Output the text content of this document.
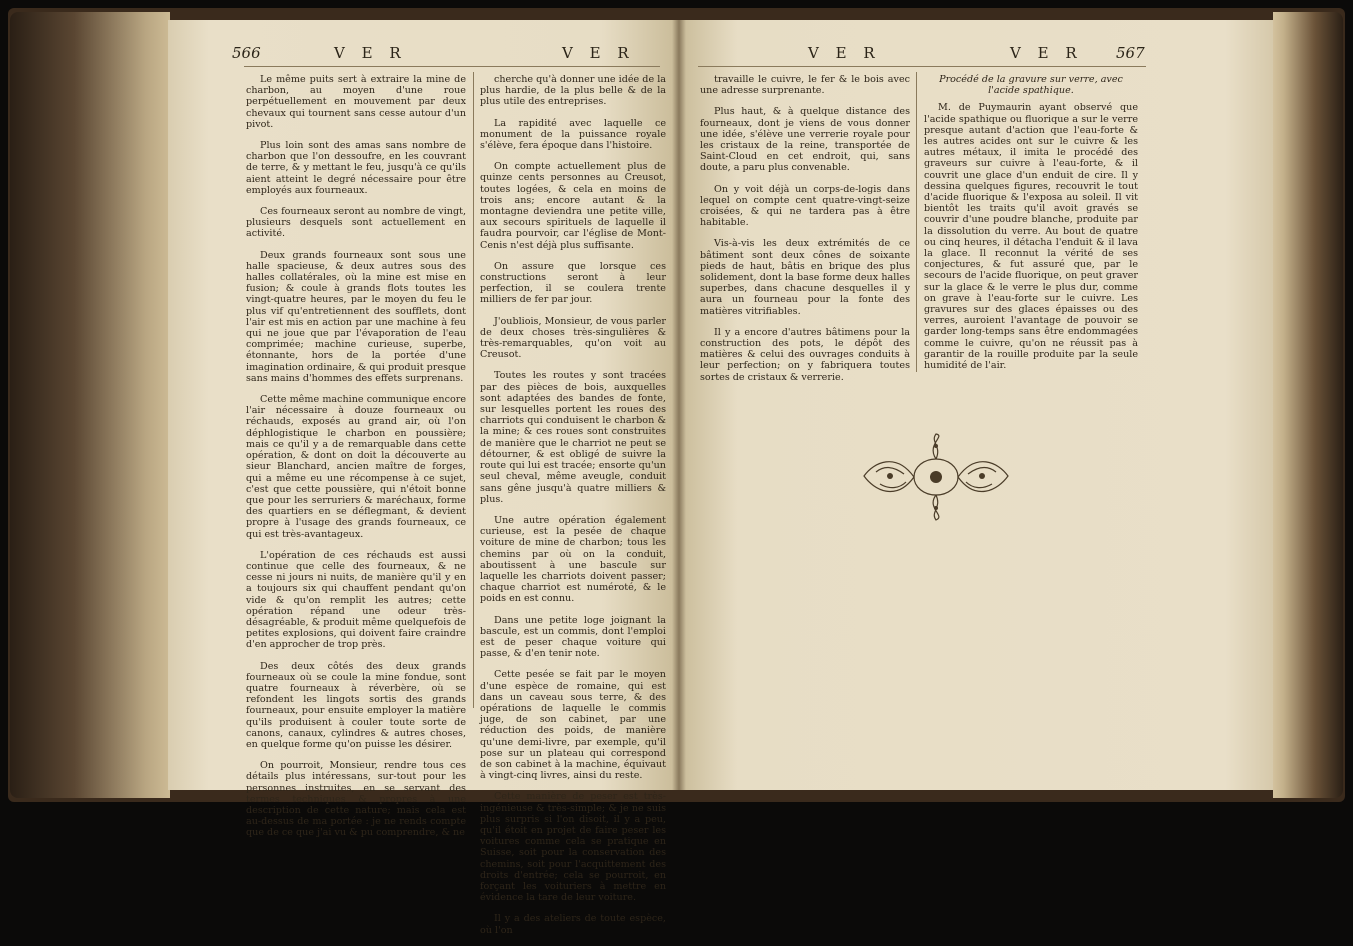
566	V E R	V E R

Le même puits sert à extraire la mine de charbon, au moyen d'une roue perpétuellement en mouvement par deux chevaux qui tournent sans cesse autour d'un pivot.

Plus loin sont des amas sans nombre de charbon que l'on dessoufre, en les couvrant de terre, & y mettant le feu, jusqu'à ce qu'ils aient atteint le degré nécessaire pour être employés aux fourneaux.

Ces fourneaux seront au nombre de vingt, plusieurs desquels sont actuellement en activité.

Deux grands fourneaux sont sous une halle spacieuse, & deux autres sous des halles collatérales, où la mine est mise en fusion; & coule à grands flots toutes les vingt-quatre heures, par le moyen du feu le plus vif qu'entretiennent des soufflets, dont l'air est mis en action par une machine à feu qui ne joue que par l'évaporation de l'eau comprimée; machine curieuse, superbe, étonnante, hors de la portée d'une imagination ordinaire, & qui produit presque sans mains d'hommes des effets surprenans.

Cette même machine communique encore l'air nécessaire à douze fourneaux ou réchauds, exposés au grand air, où l'on déphlogistique le charbon en poussière; mais ce qu'il y a de remarquable dans cette opération, & dont on doit la découverte au sieur Blanchard, ancien maître de forges, qui a même eu une récompense à ce sujet, c'est que cette poussière, qui n'étoit bonne que pour les serruriers & maréchaux, forme des quartiers en se déflegmant, & devient propre à l'usage des grands fourneaux, ce qui est très-avantageux.

L'opération de ces réchauds est aussi continue que celle des fourneaux, & ne cesse ni jours ni nuits, de manière qu'il y en a toujours six qui chauffent pendant qu'on vide & qu'on remplit les autres; cette opération répand une odeur très-désagréable, & produit même quelquefois de petites explosions, qui doivent faire craindre d'en approcher de trop près.

Des deux côtés des deux grands fourneaux où se coule la mine fondue, sont quatre fourneaux à réverbère, où se refondent les lingots sortis des grands fourneaux, pour ensuite employer la matière qu'ils produisent à couler toute sorte de canons, canaux, cylindres & autres choses, en quelque forme qu'on puisse les désirer.

On pourroit, Monsieur, rendre tous ces détails plus intéressans, sur-tout pour les personnes instruites, en se servant des termes techniques & propres à une description de cette nature; mais cela est au-dessus de ma portée : je ne rends compte que de ce que j'ai vu & pu comprendre, & ne

cherche qu'à donner une idée de la plus hardie, de la plus belle & de la plus utile des entreprises.

La rapidité avec laquelle ce monument de la puissance royale s'élève, fera époque dans l'histoire.

On compte actuellement plus de quinze cents personnes au Creusot, toutes logées, & cela en moins de trois ans; encore autant & la montagne deviendra une petite ville, aux secours spirituels de laquelle il faudra pourvoir, car l'église de Mont-Cenis n'est déjà plus suffisante.

On assure que lorsque ces constructions seront à leur perfection, il se coulera trente milliers de fer par jour.

J'oubliois, Monsieur, de vous parler de deux choses très-singulières & très-remarquables, qu'on voit au Creusot.

Toutes les routes y sont tracées par des pièces de bois, auxquelles sont adaptées des bandes de fonte, sur lesquelles portent les roues des charriots qui conduisent le charbon & la mine; & ces roues sont construites de manière que le charriot ne peut se détourner, & est obligé de suivre la route qui lui est tracée; ensorte qu'un seul cheval, même aveugle, conduit sans gêne jusqu'à quatre milliers & plus.

Une autre opération également curieuse, est la pesée de chaque voiture de mine de charbon; tous les chemins par où on la conduit, aboutissent à une bascule sur laquelle les charriots doivent passer; chaque charriot est numéroté, & le poids en est connu.

Dans une petite loge joignant la bascule, est un commis, dont l'emploi est de peser chaque voiture qui passe, & d'en tenir note.

Cette pesée se fait par le moyen d'une espèce de romaine, qui est dans un caveau sous terre, & des opérations de laquelle le commis juge, de son cabinet, par une réduction des poids, de manière qu'une demi-livre, par exemple, qu'il pose sur un plateau qui correspond de son cabinet à la machine, équivaut à vingt-cinq livres, ainsi du reste.

Cette manière de peser est très-ingénieuse & très-simple; & je ne suis plus surpris si l'on disoit, il y a peu, qu'il étoit en projet de faire peser les voitures comme cela se pratique en Suisse, soit pour la conservation des chemins, soit pour l'acquittement des droits d'entrée; cela se pourroit, en forçant les voituriers à mettre en évidence la tare de leur voiture.

Il y a des ateliers de toute espèce, où l'on

V E R	V E R 567

travaille le cuivre, le fer & le bois avec une adresse surprenante.

Plus haut, & à quelque distance des fourneaux, dont je viens de vous donner une idée, s'élève une verrerie royale pour les cristaux de la reine, transportée de Saint-Cloud en cet endroit, qui, sans doute, a paru plus convenable.

On y voit déjà un corps-de-logis dans lequel on compte cent quatre-vingt-seize croisées, & qui ne tardera pas à être habitable.

Vis-à-vis les deux extrémités de ce bâtiment sont deux cônes de soixante pieds de haut, bâtis en brique des plus solidement, dont la base forme deux halles superbes, dans chacune desquelles il y aura un fourneau pour la fonte des matières vitrifiables.

Il y a encore d'autres bâtimens pour la construction des pots, le dépôt des matières & celui des ouvrages conduits à leur perfection; on y fabriquera toutes sortes de cristaux & verrerie.

Procédé de la gravure sur verre, avec l'acide spathique.

M. de Puymaurin ayant observé que l'acide spathique ou fluorique a sur le verre presque autant d'action que l'eau-forte & les autres acides ont sur le cuivre & les autres métaux, il imita le procédé des graveurs sur cuivre à l'eau-forte, & il couvrit une glace d'un enduit de cire. Il y dessina quelques figures, recouvrit le tout d'acide fluorique & l'exposa au soleil. Il vit bientôt les traits qu'il avoit gravés se couvrir d'une poudre blanche, produite par la dissolution du verre. Au bout de quatre ou cinq heures, il détacha l'enduit & il lava la glace. Il reconnut la vérité de ses conjectures, & fut assuré que, par le secours de l'acide fluorique, on peut graver sur la glace & le verre le plus dur, comme on grave à l'eau-forte sur le cuivre. Les gravures sur des glaces épaisses ou des verres, auroient l'avantage de pouvoir se garder long-temps sans être endommagées comme le cuivre, qu'on ne réussit pas à garantir de la rouille produite par la seule humidité de l'air.
